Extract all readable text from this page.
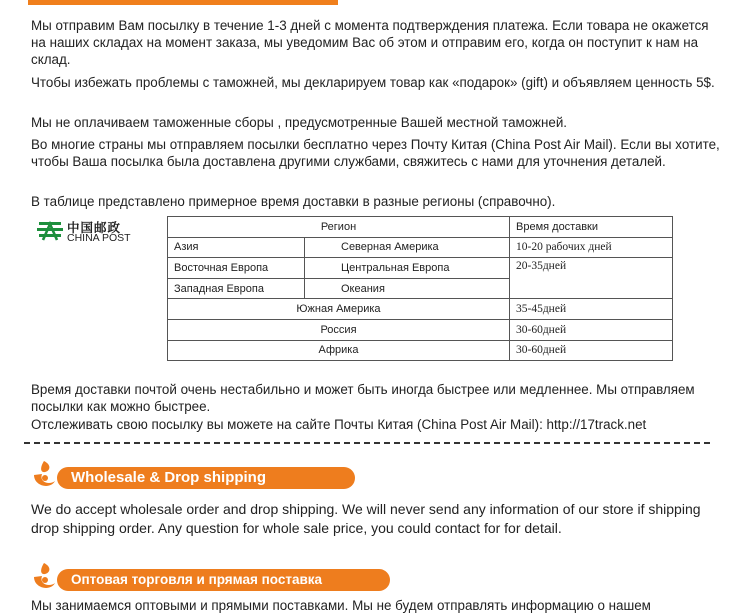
Мы отправим Вам посылку в течение 1-3 дней с момента подтверждения платежа. Если товара не окажется на наших складах на момент заказа, мы уведомим Вас об этом и отправим его, когда он поступит к нам на склад.

Чтобы избежать проблемы с таможней, мы декларируем товар как «подарок» (gift) и объявляем ценность 5$.

Мы не оплачиваем таможенные сборы , предусмотренные Вашей местной таможней.

Во многие страны мы отправляем посылки бесплатно через Почту Китая (China Post Air Mail). Если вы хотите, чтобы Ваша посылка была доставлена другими службами, свяжитесь с нами для уточнения деталей.

В таблице представлено примерное время доставки в разные регионы (справочно).

中国邮政
CHINA POST
Регион		Время доставки
Азия	Северная Америка	10-20 рабочих дней
Восточная Европа	Центральная Европа	20-35дней
Западная Европа	Океания	
Южная Америка		35-45дней
Россия		30-60дней
Африка		30-60дней

Время доставки почтой очень нестабильно и может быть иногда быстрее или медленнее. Мы отправляем посылки как можно быстрее.

Отслеживать свою посылку вы можете на сайте Почты Китая (China Post Air Mail): http://17track.net

Wholesale & Drop shipping

We do accept wholesale order and drop shipping. We will never send any information of our store if shipping drop shipping order. Any question for whole sale price, you could contact for for detail.

Оптовая торговля и прямая поставка

Мы занимаемся оптовыми и прямыми поставками. Мы не будем отправлять информацию о нашем
